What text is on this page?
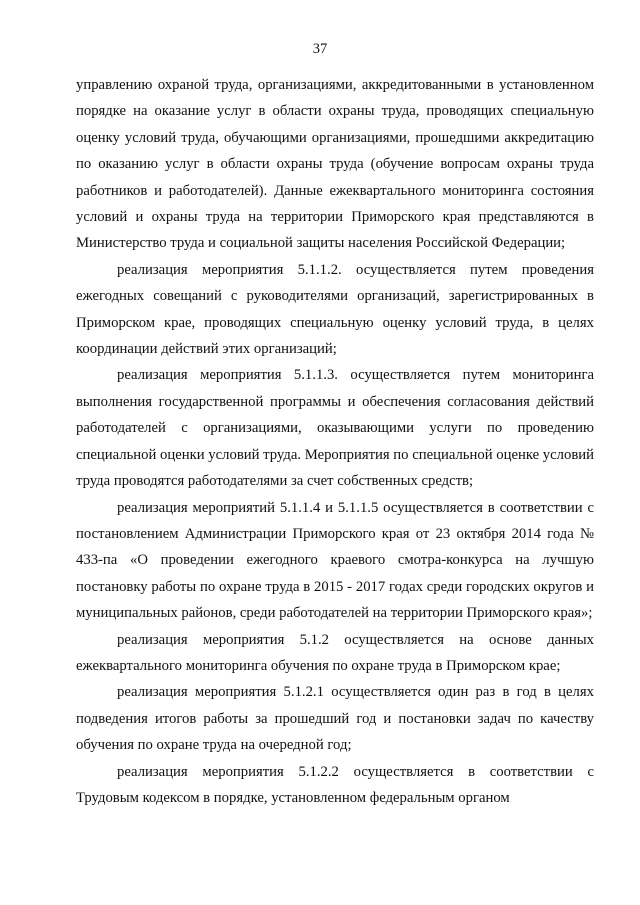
37

управлению охраной труда, организациями, аккредитованными в установленном порядке на оказание услуг в области охраны труда, проводящих специальную оценку условий труда, обучающими организациями, прошедшими аккредитацию по оказанию услуг в области охраны труда (обучение вопросам охраны труда работников и работодателей). Данные ежеквартального мониторинга состояния условий и охраны труда на территории Приморского края представляются в Министерство труда и социальной защиты населения Российской Федерации;

реализация мероприятия 5.1.1.2. осуществляется путем проведения ежегодных совещаний с руководителями организаций, зарегистрированных в Приморском крае, проводящих специальную оценку условий труда, в целях координации действий этих организаций;

реализация мероприятия 5.1.1.3. осуществляется путем мониторинга выполнения государственной программы и обеспечения согласования действий работодателей с организациями, оказывающими услуги по проведению специальной оценки условий труда. Мероприятия по специальной оценке условий труда проводятся работодателями за счет собственных средств;

реализация мероприятий 5.1.1.4 и 5.1.1.5 осуществляется в соответствии с постановлением Администрации Приморского края от 23 октября 2014 года № 433-па «О проведении ежегодного краевого смотра-конкурса на лучшую постановку работы по охране труда в 2015 - 2017 годах среди городских округов и муниципальных районов, среди работодателей на территории Приморского края»;

реализация мероприятия 5.1.2 осуществляется на основе данных ежеквартального мониторинга обучения по охране труда в Приморском крае;

реализация мероприятия 5.1.2.1 осуществляется один раз в год в целях подведения итогов работы за прошедший год и постановки задач по качеству обучения по охране труда на очередной год;

реализация мероприятия 5.1.2.2 осуществляется в соответствии с Трудовым кодексом в порядке, установленном федеральным органом
